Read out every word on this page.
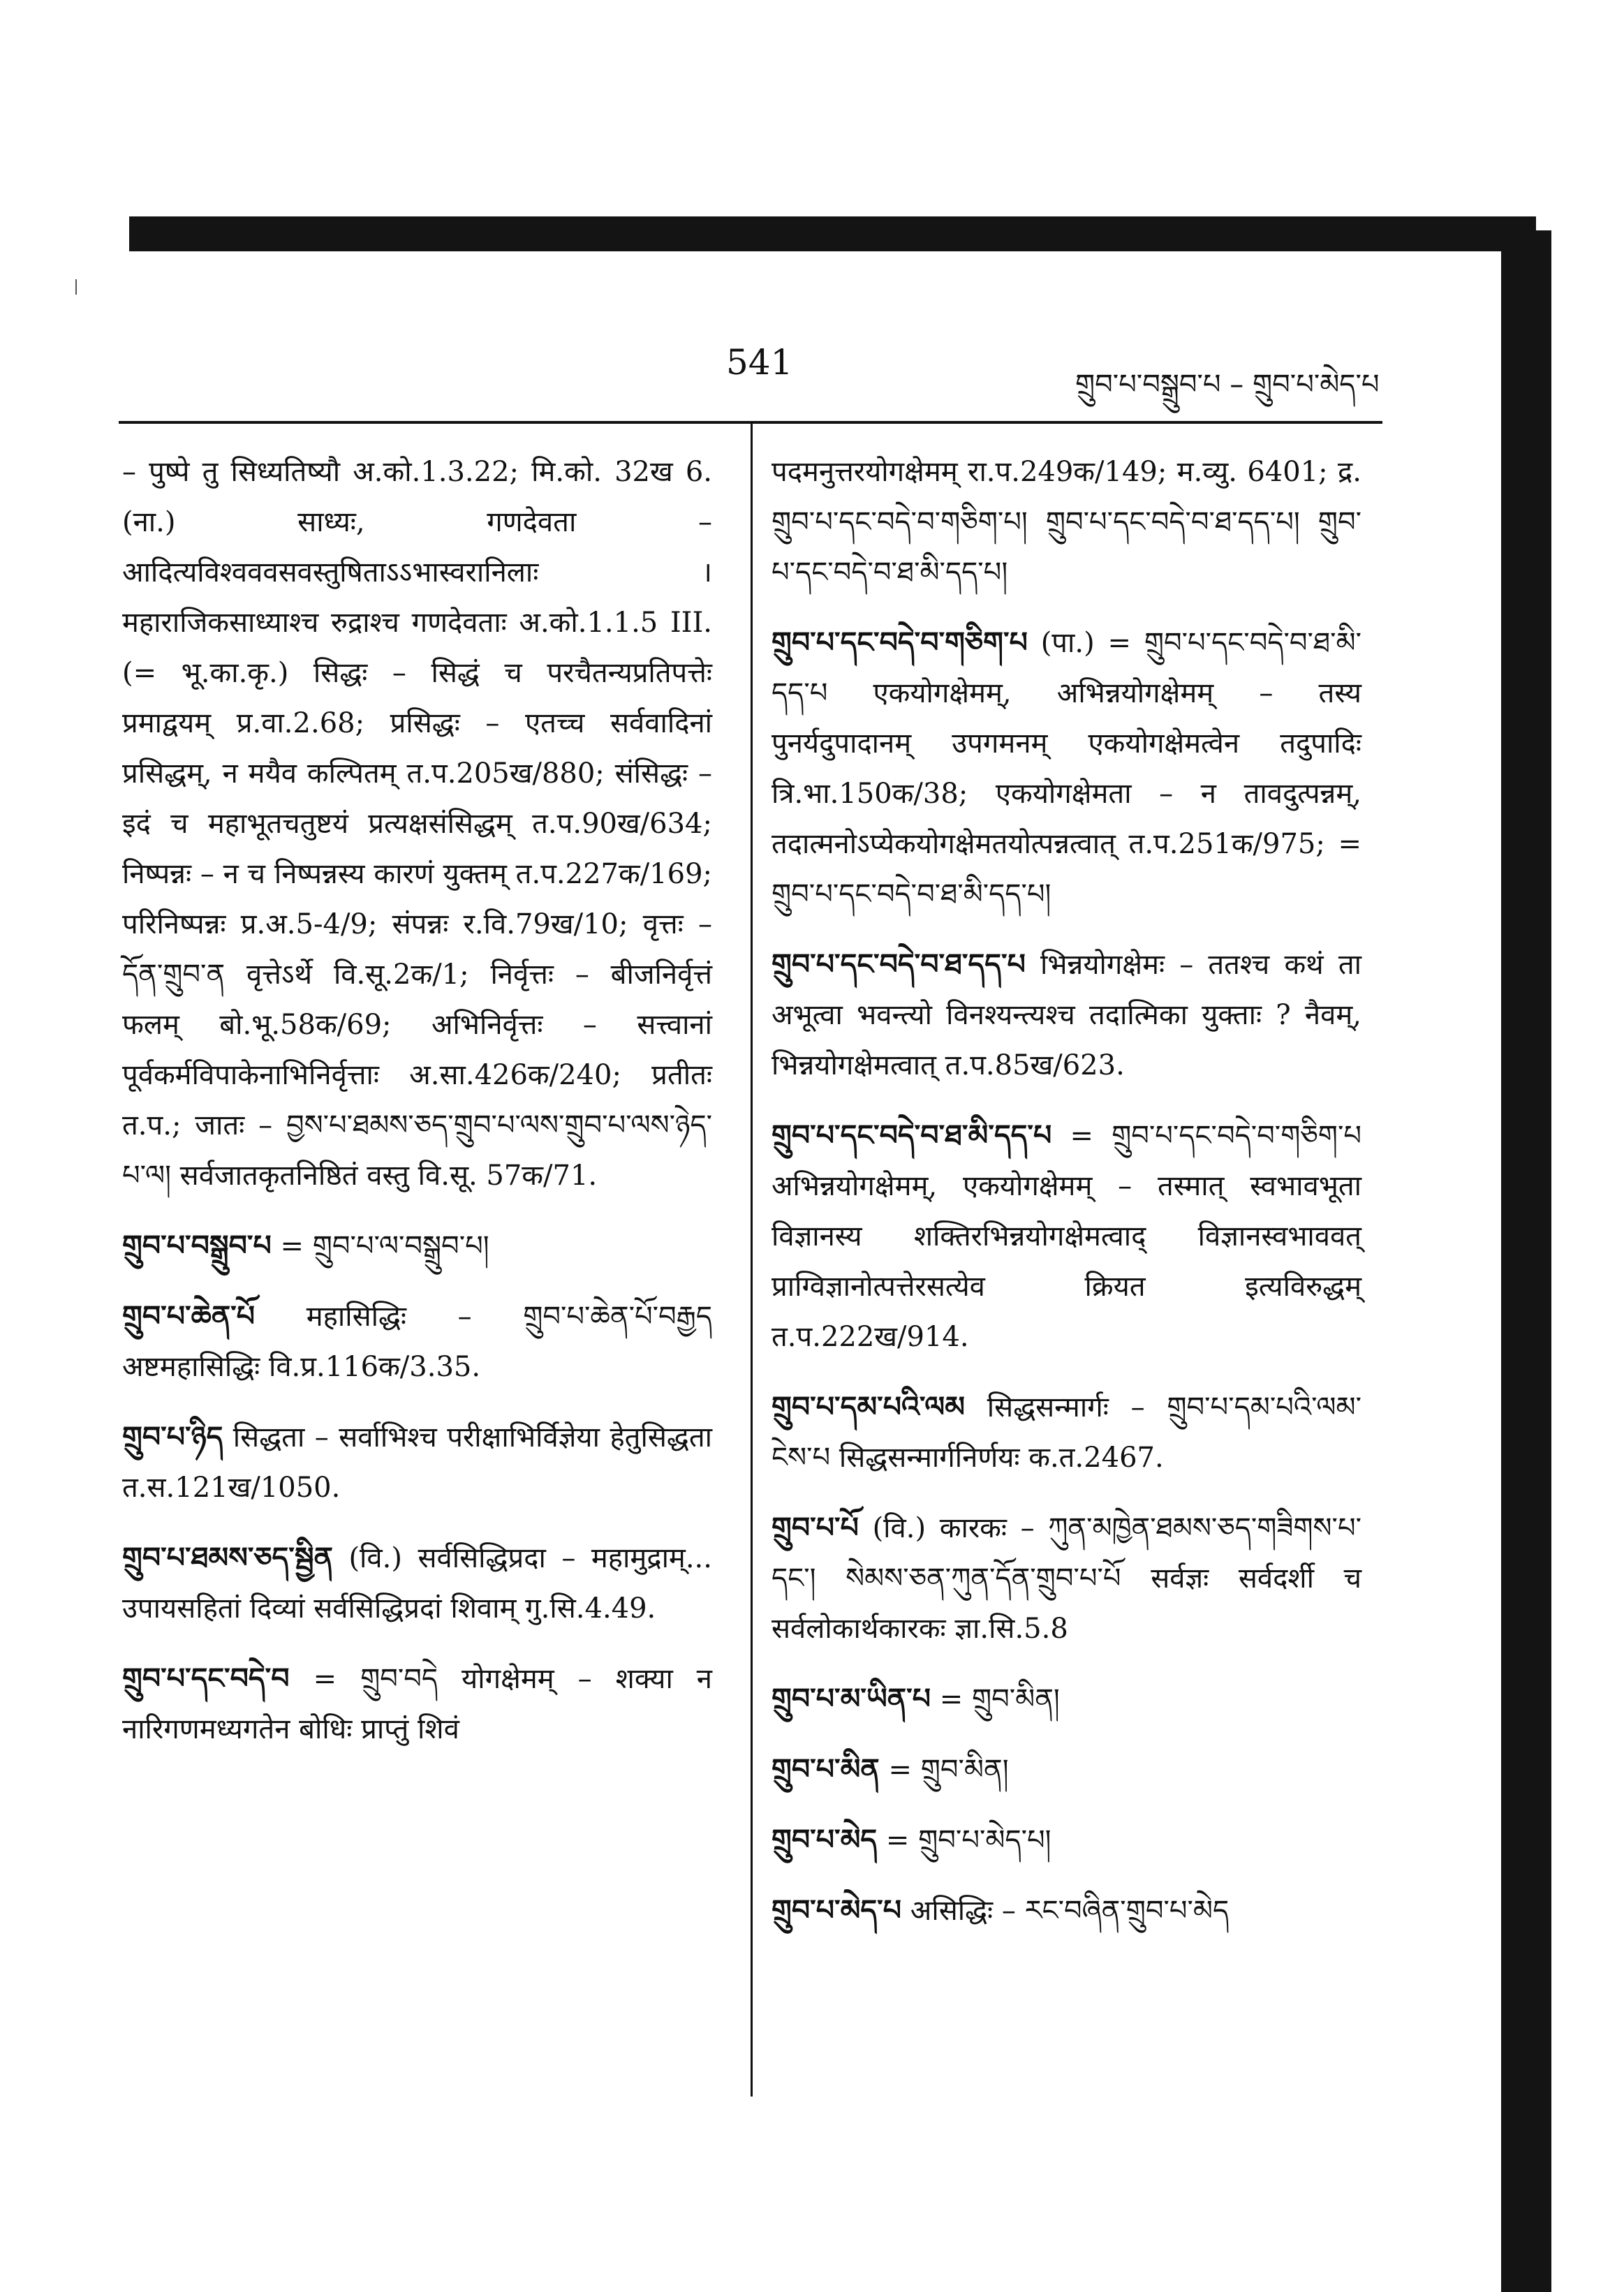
541
གྲུབ་པ་བསྒྲུབ་པ – གྲུབ་པ་མེད་པ

– पुष्पे तु सिध्यतिष्यौ अ.को.1.3.22; मि.को. 32ख 6. (ना.) साध्यः, गणदेवता – आदित्यविश्वववसवस्तुषिताऽऽभास्वरानिलाः । महाराजिकसाध्याश्च रुद्राश्च गणदेवताः अ.को.1.1.5 III. (= भू.का.कृ.) सिद्धः – सिद्धं च परचैतन्यप्रतिपत्तेः प्रमाद्वयम् प्र.वा.2.68; प्रसिद्धः – एतच्च सर्ववादिनां प्रसिद्धम्, न मयैव कल्पितम् त.प.205ख/880; संसिद्धः – इदं च महाभूतचतुष्टयं प्रत्यक्षसंसिद्धम् त.प.90ख/634; निष्पन्नः – न च निष्पन्नस्य कारणं युक्तम् त.प.227क/169; परिनिष्पन्नः प्र.अ.5-4/9; संपन्नः र.वि.79ख/10; वृत्तः – དོན་གྲུབ་ན वृत्तेऽर्थे वि.सू.2क/1; निर्वृत्तः – बीजनिर्वृत्तं फलम् बो.भू.58क/69; अभिनिर्वृत्तः – सत्त्वानां पूर्वकर्मविपाकेनाभिनिर्वृत्ताः अ.सा.426क/240; प्रतीतः त.प.; जातः – བྱས་པ་ཐམས་ཅད་གྲུབ་པ་ལས་གྲུབ་པ་ལས་ཉེད་པ་ལ། सर्वजातकृतनिष्ठितं वस्तु वि.सू. 57क/71.

གྲུབ་པ་བསྒྲུབ་པ = གྲུབ་པ་ལ་བསྒྲུབ་པ།

གྲུབ་པ་ཆེན་པོ महासिद्धिः – གྲུབ་པ་ཆེན་པོ་བརྒྱད अष्टमहासिद्धिः वि.प्र.116क/3.35.

གྲུབ་པ་ཉིད सिद्धता – सर्वाभिश्च परीक्षाभिर्विज्ञेया हेतुसिद्धता त.स.121ख/1050.

གྲུབ་པ་ཐམས་ཅད་སྦྱིན (वि.) सर्वसिद्धिप्रदा – महामुद्राम्... उपायसहितां दिव्यां सर्वसिद्धिप्रदां शिवाम् गु.सि.4.49.

གྲུབ་པ་དང་བདེ་བ = གྲུབ་བདེ योगक्षेमम् – शक्या न नारिगणमध्यगतेन बोधिः प्राप्तुं शिवं

पदमनुत्तरयोगक्षेमम् रा.प.249क/149; म.व्यु. 6401; द्र. གྲུབ་པ་དང་བདེ་བ་གཅིག་པ། གྲུབ་པ་དང་བདེ་བ་ཐ་དད་པ། གྲུབ་པ་དང་བདེ་བ་ཐ་མི་དད་པ།

གྲུབ་པ་དང་བདེ་བ་གཅིག་པ (पा.) = གྲུབ་པ་དང་བདེ་བ་ཐ་མི་དད་པ एकयोगक्षेमम्, अभिन्नयोगक्षेमम् – तस्य पुनर्यदुपादानम् उपगमनम् एकयोगक्षेमत्वेन तदुपादिः त्रि.भा.150क/38; एकयोगक्षेमता – न तावदुत्पन्नम्, तदात्मनोऽप्येकयोगक्षेमतयोत्पन्नत्वात् त.प.251क/975; = གྲུབ་པ་དང་བདེ་བ་ཐ་མི་དད་པ།

གྲུབ་པ་དང་བདེ་བ་ཐ་དད་པ भिन्नयोगक्षेमः – ततश्च कथं ता अभूत्वा भवन्त्यो विनश्यन्त्यश्च तदात्मिका युक्ताः ? नैवम्, भिन्नयोगक्षेमत्वात् त.प.85ख/623.

གྲུབ་པ་དང་བདེ་བ་ཐ་མི་དད་པ = གྲུབ་པ་དང་བདེ་བ་གཅིག་པ अभिन्नयोगक्षेमम्, एकयोगक्षेमम् – तस्मात् स्वभावभूता विज्ञानस्य शक्तिरभिन्नयोगक्षेमत्वाद् विज्ञानस्वभाववत् प्राग्विज्ञानोत्पत्तेरसत्येव क्रियत इत्यविरुद्धम् त.प.222ख/914.

གྲུབ་པ་དམ་པའི་ལམ सिद्धसन्मार्गः – གྲུབ་པ་དམ་པའི་ལམ་ངེས་པ सिद्धसन्मार्गनिर्णयः क.त.2467.

གྲུབ་པ་པོ (वि.) कारकः – ཀུན་མཁྱེན་ཐམས་ཅད་གཟིགས་པ་དང་། སེམས་ཅན་ཀུན་དོན་གྲུབ་པ་པོ सर्वज्ञः सर्वदर्शी च सर्वलोकार्थकारकः ज्ञा.सि.5.8

གྲུབ་པ་མ་ཡིན་པ = གྲུབ་མིན།

གྲུབ་པ་མིན = གྲུབ་མིན།

གྲུབ་པ་མེད = གྲུབ་པ་མེད་པ།

གྲུབ་པ་མེད་པ असिद्धिः – རང་བཞིན་གྲུབ་པ་མེད
